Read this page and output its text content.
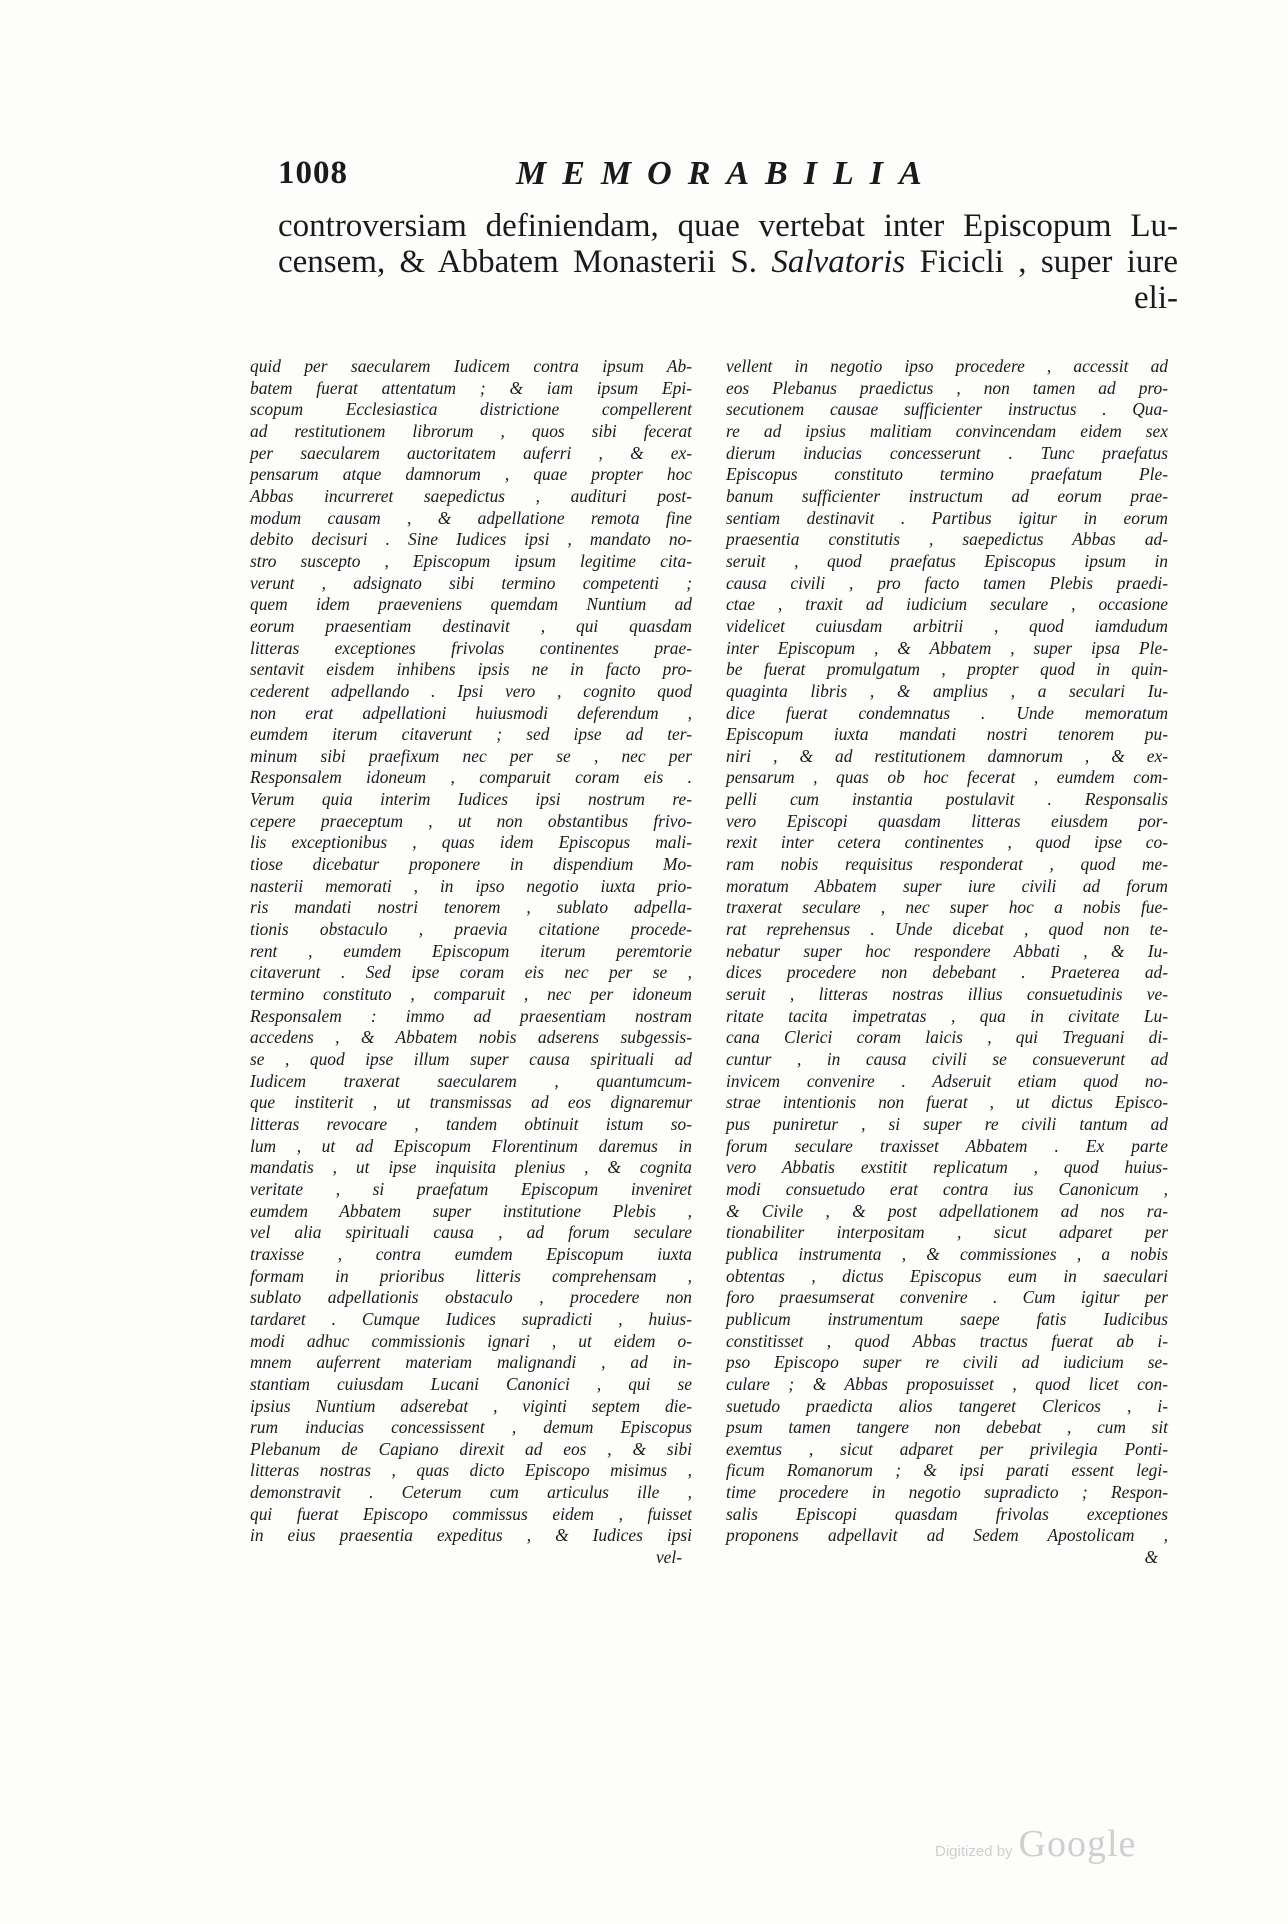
1008	MEMORABILIA
controversiam definiendam, quae vertebat inter Episcopum Lu-
censem, & Abbatem Monasterii S. Salvatoris Ficicli , super iure
eli-
quid per saecularem Iudicem contra ipsum Ab-
batem fuerat attentatum ; & iam ipsum Epi-
scopum Ecclesiastica districtione compellerent
ad restitutionem librorum , quos sibi fecerat
per saecularem auctoritatem auferri , & ex-
pensarum atque damnorum , quae propter hoc
Abbas incurreret saepedictus , audituri post-
modum causam , & adpellatione remota fine
debito decisuri . Sine Iudices ipsi , mandato no-
stro suscepto , Episcopum ipsum legitime cita-
verunt , adsignato sibi termino competenti ;
quem idem praeveniens quemdam Nuntium ad
eorum praesentiam destinavit , qui quasdam
litteras exceptiones frivolas continentes prae-
sentavit eisdem inhibens ipsis ne in facto pro-
cederent adpellando . Ipsi vero , cognito quod
non erat adpellationi huiusmodi deferendum ,
eumdem iterum citaverunt ; sed ipse ad ter-
minum sibi praefixum nec per se , nec per
Responsalem idoneum , comparuit coram eis .
Verum quia interim Iudices ipsi nostrum re-
cepere praeceptum , ut non obstantibus frivo-
lis exceptionibus , quas idem Episcopus mali-
tiose dicebatur proponere in dispendium Mo-
nasterii memorati , in ipso negotio iuxta prio-
ris mandati nostri tenorem , sublato adpella-
tionis obstaculo , praevia citatione procede-
rent , eumdem Episcopum iterum peremtorie
citaverunt . Sed ipse coram eis nec per se ,
termino constituto , comparuit , nec per idoneum
Responsalem : immo ad praesentiam nostram
accedens , & Abbatem nobis adserens subgessis-
se , quod ipse illum super causa spirituali ad
Iudicem traxerat saecularem , quantumcum-
que institerit , ut transmissas ad eos dignaremur
litteras revocare , tandem obtinuit istum so-
lum , ut ad Episcopum Florentinum daremus in
mandatis , ut ipse inquisita plenius , & cognita
veritate , si praefatum Episcopum inveniret
eumdem Abbatem super institutione Plebis ,
vel alia spirituali causa , ad forum seculare
traxisse , contra eumdem Episcopum iuxta
formam in prioribus litteris comprehensam ,
sublato adpellationis obstaculo , procedere non
tardaret . Cumque Iudices supradicti , huius-
modi adhuc commissionis ignari , ut eidem o-
mnem auferrent materiam malignandi , ad in-
stantiam cuiusdam Lucani Canonici , qui se
ipsius Nuntium adserebat , viginti septem die-
rum inducias concessissent , demum Episcopus
Plebanum de Capiano direxit ad eos , & sibi
litteras nostras , quas dicto Episcopo misimus ,
demonstravit . Ceterum cum articulus ille ,
qui fuerat Episcopo commissus eidem , fuisset
in eius praesentia expeditus , & Iudices ipsi
vel-
vellent in negotio ipso procedere , accessit ad
eos Plebanus praedictus , non tamen ad pro-
secutionem causae sufficienter instructus . Qua-
re ad ipsius malitiam convincendam eidem sex
dierum inducias concesserunt . Tunc praefatus
Episcopus constituto termino praefatum Ple-
banum sufficienter instructum ad eorum prae-
sentiam destinavit . Partibus igitur in eorum
praesentia constitutis , saepedictus Abbas ad-
seruit , quod praefatus Episcopus ipsum in
causa civili , pro facto tamen Plebis praedi-
ctae , traxit ad iudicium seculare , occasione
videlicet cuiusdam arbitrii , quod iamdudum
inter Episcopum , & Abbatem , super ipsa Ple-
be fuerat promulgatum , propter quod in quin-
quaginta libris , & amplius , a seculari Iu-
dice fuerat condemnatus . Unde memoratum
Episcopum iuxta mandati nostri tenorem pu-
niri , & ad restitutionem damnorum , & ex-
pensarum , quas ob hoc fecerat , eumdem com-
pelli cum instantia postulavit . Responsalis
vero Episcopi quasdam litteras eiusdem por-
rexit inter cetera continentes , quod ipse co-
ram nobis requisitus responderat , quod me-
moratum Abbatem super iure civili ad forum
traxerat seculare , nec super hoc a nobis fue-
rat reprehensus . Unde dicebat , quod non te-
nebatur super hoc respondere Abbati , & Iu-
dices procedere non debebant . Praeterea ad-
seruit , litteras nostras illius consuetudinis ve-
ritate tacita impetratas , qua in civitate Lu-
cana Clerici coram laicis , qui Treguani di-
cuntur , in causa civili se consueverunt ad
invicem convenire . Adseruit etiam quod no-
strae intentionis non fuerat , ut dictus Episco-
pus puniretur , si super re civili tantum ad
forum seculare traxisset Abbatem . Ex parte
vero Abbatis exstitit replicatum , quod huius-
modi consuetudo erat contra ius Canonicum ,
& Civile , & post adpellationem ad nos ra-
tionabiliter interpositam , sicut adparet per
publica instrumenta , & commissiones , a nobis
obtentas , dictus Episcopus eum in saeculari
foro praesumserat convenire . Cum igitur per
publicum instrumentum saepe fatis Iudicibus
constitisset , quod Abbas tractus fuerat ab i-
pso Episcopo super re civili ad iudicium se-
culare ; & Abbas proposuisset , quod licet con-
suetudo praedicta alios tangeret Clericos , i-
psum tamen tangere non debebat , cum sit
exemtus , sicut adparet per privilegia Ponti-
ficum Romanorum ; & ipsi parati essent legi-
time procedere in negotio supradicto ; Respon-
salis Episcopi quasdam frivolas exceptiones
proponens adpellavit ad Sedem Apostolicam ,
&
Digitized by Google
